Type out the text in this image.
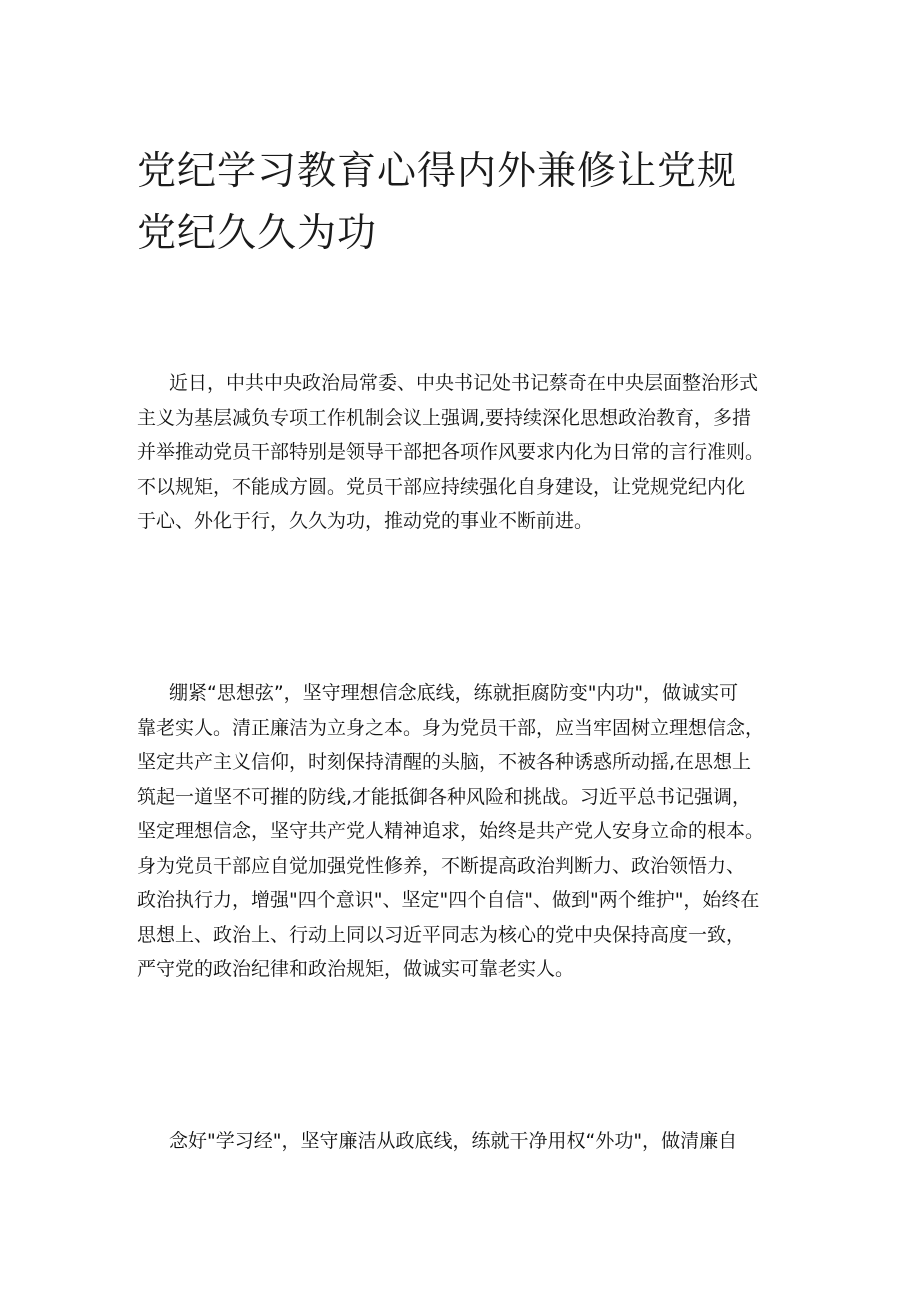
党纪学习教育心得内外兼修让党规
党纪久久为功
近日，中共中央政治局常委、中央书记处书记蔡奇在中央层面整治形式
主义为基层减负专项工作机制会议上强调,要持续深化思想政治教育，多措
并举推动党员干部特别是领导干部把各项作风要求内化为日常的言行准则。
不以规矩，不能成方圆。党员干部应持续强化自身建设，让党规党纪内化
于心、外化于行，久久为功，推动党的事业不断前进。
绷紧“思想弦”，坚守理想信念底线，练就拒腐防变"内功"，做诚实可
靠老实人。清正廉洁为立身之本。身为党员干部，应当牢固树立理想信念，
坚定共产主义信仰，时刻保持清醒的头脑，不被各种诱惑所动摇,在思想上
筑起一道坚不可摧的防线,才能抵御各种风险和挑战。习近平总书记强调，
坚定理想信念，坚守共产党人精神追求，始终是共产党人安身立命的根本。
身为党员干部应自觉加强党性修养，不断提高政治判断力、政治领悟力、
政治执行力，增强"四个意识"、坚定"四个自信"、做到"两个维护"，始终在
思想上、政治上、行动上同以习近平同志为核心的党中央保持高度一致，
严守党的政治纪律和政治规矩，做诚实可靠老实人。
念好"学习经"，坚守廉洁从政底线，练就干净用权“外功"，做清廉自
